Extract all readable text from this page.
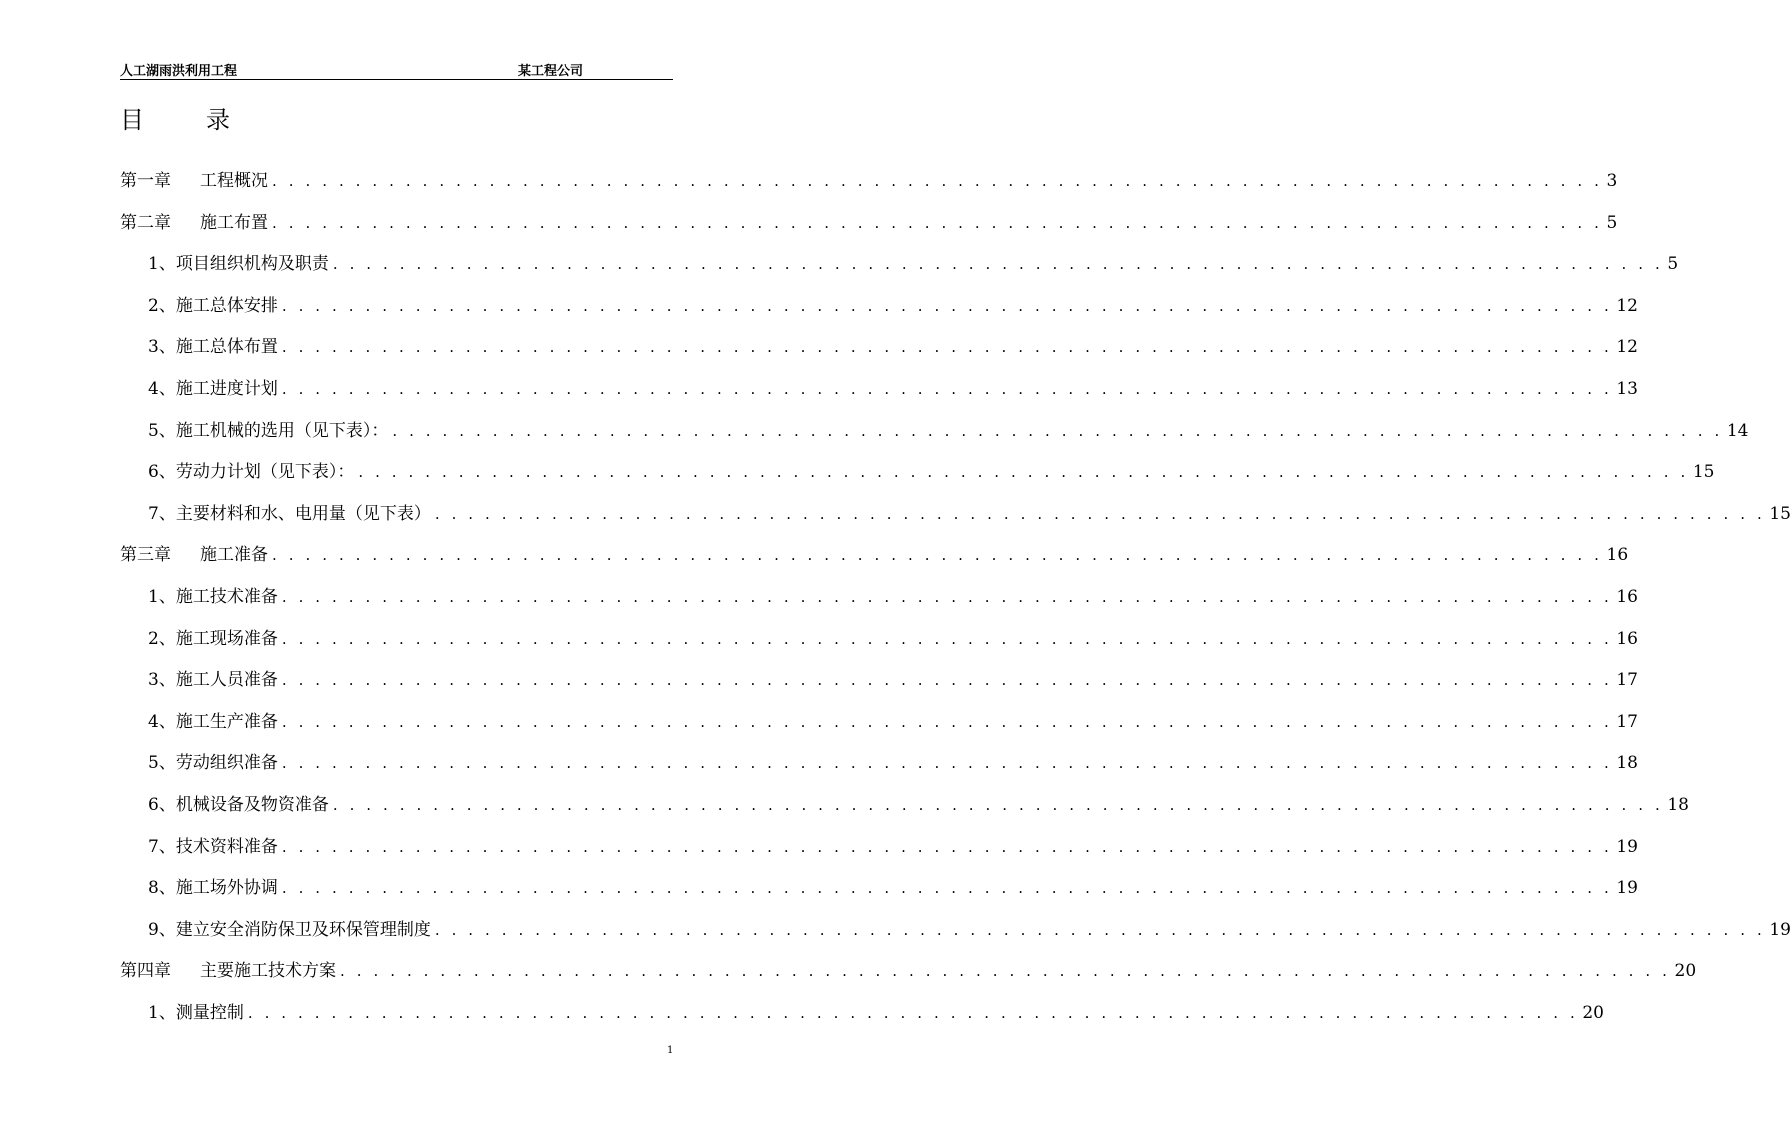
人工湖雨洪利用工程	某工程公司
目	录
第一章 工程概况 . . . . . . . . . . . . . . . . . . . . . . . . . . . . . . . . . . . . . . . . . . . . . . . . . . . . . . . . . . . . . . . . . . . . . . . . . . . . . . . . 3
第二章 施工布置 . . . . . . . . . . . . . . . . . . . . . . . . . . . . . . . . . . . . . . . . . . . . . . . . . . . . . . . . . . . . . . . . . . . . . . . . . . . . . . . . 5
1、项目组织机构及职责 . . . . . . . . . . . . . . . . . . . . . . . . . . . . . . . . . . . . . . . . . . . . . . . . . . . . . . . . . . . . . . . . . . . . . . . . . . . . . . . . 5
2、施工总体安排 . . . . . . . . . . . . . . . . . . . . . . . . . . . . . . . . . . . . . . . . . . . . . . . . . . . . . . . . . . . . . . . . . . . . . . . . . . . . . . . . 12
3、施工总体布置 . . . . . . . . . . . . . . . . . . . . . . . . . . . . . . . . . . . . . . . . . . . . . . . . . . . . . . . . . . . . . . . . . . . . . . . . . . . . . . . . 12
4、施工进度计划 . . . . . . . . . . . . . . . . . . . . . . . . . . . . . . . . . . . . . . . . . . . . . . . . . . . . . . . . . . . . . . . . . . . . . . . . . . . . . . . . 13
5、施工机械的选用（见下表）： . . . . . . . . . . . . . . . . . . . . . . . . . . . . . . . . . . . . . . . . . . . . . . . . . . . . . . . . . . . . . . . . . . . . . . . . . . . . . . . . 14
6、劳动力计划（见下表）： . . . . . . . . . . . . . . . . . . . . . . . . . . . . . . . . . . . . . . . . . . . . . . . . . . . . . . . . . . . . . . . . . . . . . . . . . . . . . . . . 15
7、主要材料和水、电用量（见下表） . . . . . . . . . . . . . . . . . . . . . . . . . . . . . . . . . . . . . . . . . . . . . . . . . . . . . . . . . . . . . . . . . . . . . . . . . . . . . . . . 15
第三章 施工准备 . . . . . . . . . . . . . . . . . . . . . . . . . . . . . . . . . . . . . . . . . . . . . . . . . . . . . . . . . . . . . . . . . . . . . . . . . . . . . . . . 16
1、施工技术准备 . . . . . . . . . . . . . . . . . . . . . . . . . . . . . . . . . . . . . . . . . . . . . . . . . . . . . . . . . . . . . . . . . . . . . . . . . . . . . . . . 16
2、施工现场准备 . . . . . . . . . . . . . . . . . . . . . . . . . . . . . . . . . . . . . . . . . . . . . . . . . . . . . . . . . . . . . . . . . . . . . . . . . . . . . . . . 16
3、施工人员准备 . . . . . . . . . . . . . . . . . . . . . . . . . . . . . . . . . . . . . . . . . . . . . . . . . . . . . . . . . . . . . . . . . . . . . . . . . . . . . . . . 17
4、施工生产准备 . . . . . . . . . . . . . . . . . . . . . . . . . . . . . . . . . . . . . . . . . . . . . . . . . . . . . . . . . . . . . . . . . . . . . . . . . . . . . . . . 17
5、劳动组织准备 . . . . . . . . . . . . . . . . . . . . . . . . . . . . . . . . . . . . . . . . . . . . . . . . . . . . . . . . . . . . . . . . . . . . . . . . . . . . . . . . 18
6、机械设备及物资准备 . . . . . . . . . . . . . . . . . . . . . . . . . . . . . . . . . . . . . . . . . . . . . . . . . . . . . . . . . . . . . . . . . . . . . . . . . . . . . . . . 18
7、技术资料准备 . . . . . . . . . . . . . . . . . . . . . . . . . . . . . . . . . . . . . . . . . . . . . . . . . . . . . . . . . . . . . . . . . . . . . . . . . . . . . . . . 19
8、施工场外协调 . . . . . . . . . . . . . . . . . . . . . . . . . . . . . . . . . . . . . . . . . . . . . . . . . . . . . . . . . . . . . . . . . . . . . . . . . . . . . . . . 19
9、建立安全消防保卫及环保管理制度 . . . . . . . . . . . . . . . . . . . . . . . . . . . . . . . . . . . . . . . . . . . . . . . . . . . . . . . . . . . . . . . . . . . . . . . . . . . . . . . . 19
第四章 主要施工技术方案 . . . . . . . . . . . . . . . . . . . . . . . . . . . . . . . . . . . . . . . . . . . . . . . . . . . . . . . . . . . . . . . . . . . . . . . . . . . . . . . . 20
1、测量控制 . . . . . . . . . . . . . . . . . . . . . . . . . . . . . . . . . . . . . . . . . . . . . . . . . . . . . . . . . . . . . . . . . . . . . . . . . . . . . . . . 20
1
